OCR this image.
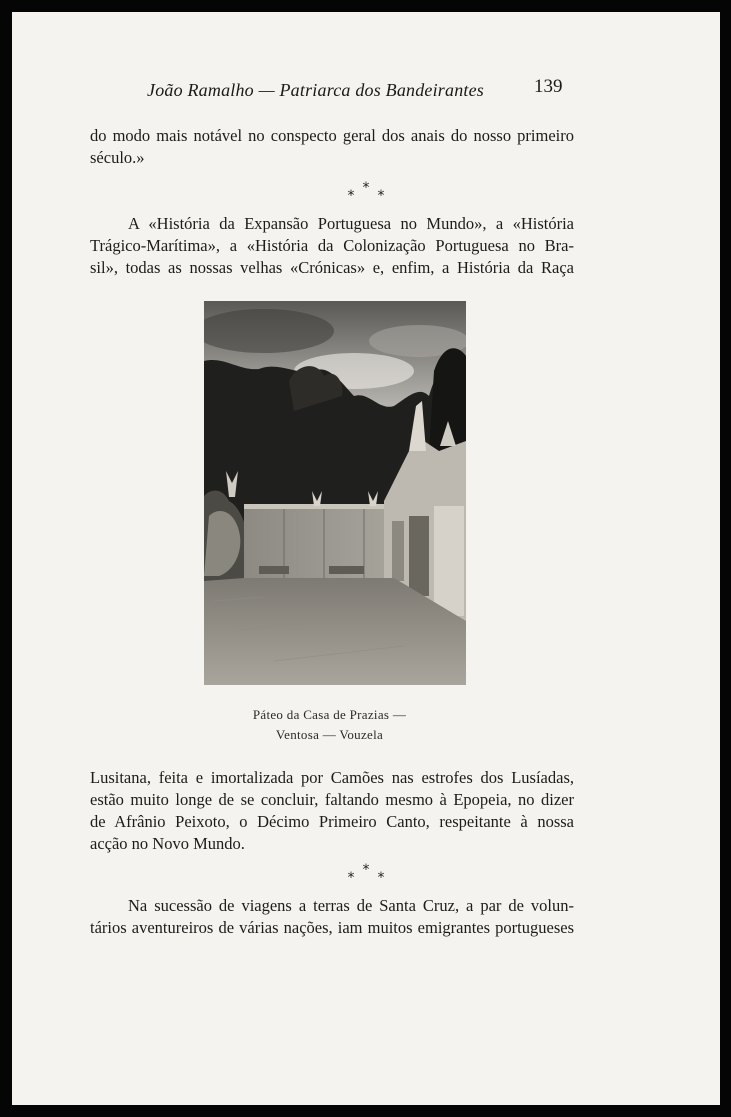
João Ramalho — Patriarca dos Bandeirantes	139
do modo mais notável no conspecto geral dos anais do nosso primeiro
século.»
* * *
A «História da Expansão Portuguesa no Mundo», a «História
Trágico-Marítima», a «História da Colonização Portuguesa no Bra-
sil», todas as nossas velhas «Crónicas» e, enfim, a História da Raça
Páteo da Casa de Prazias —
Ventosa — Vouzela
Lusitana, feita e imortalizada por Camões nas estrofes dos Lusíadas,
estão muito longe de se concluir, faltando mesmo à Epopeia, no dizer
de Afrânio Peixoto, o Décimo Primeiro Canto, respeitante à nossa
acção no Novo Mundo.
* * *
Na sucessão de viagens a terras de Santa Cruz, a par de volun-
tários aventureiros de várias nações, iam muitos emigrantes portugueses
